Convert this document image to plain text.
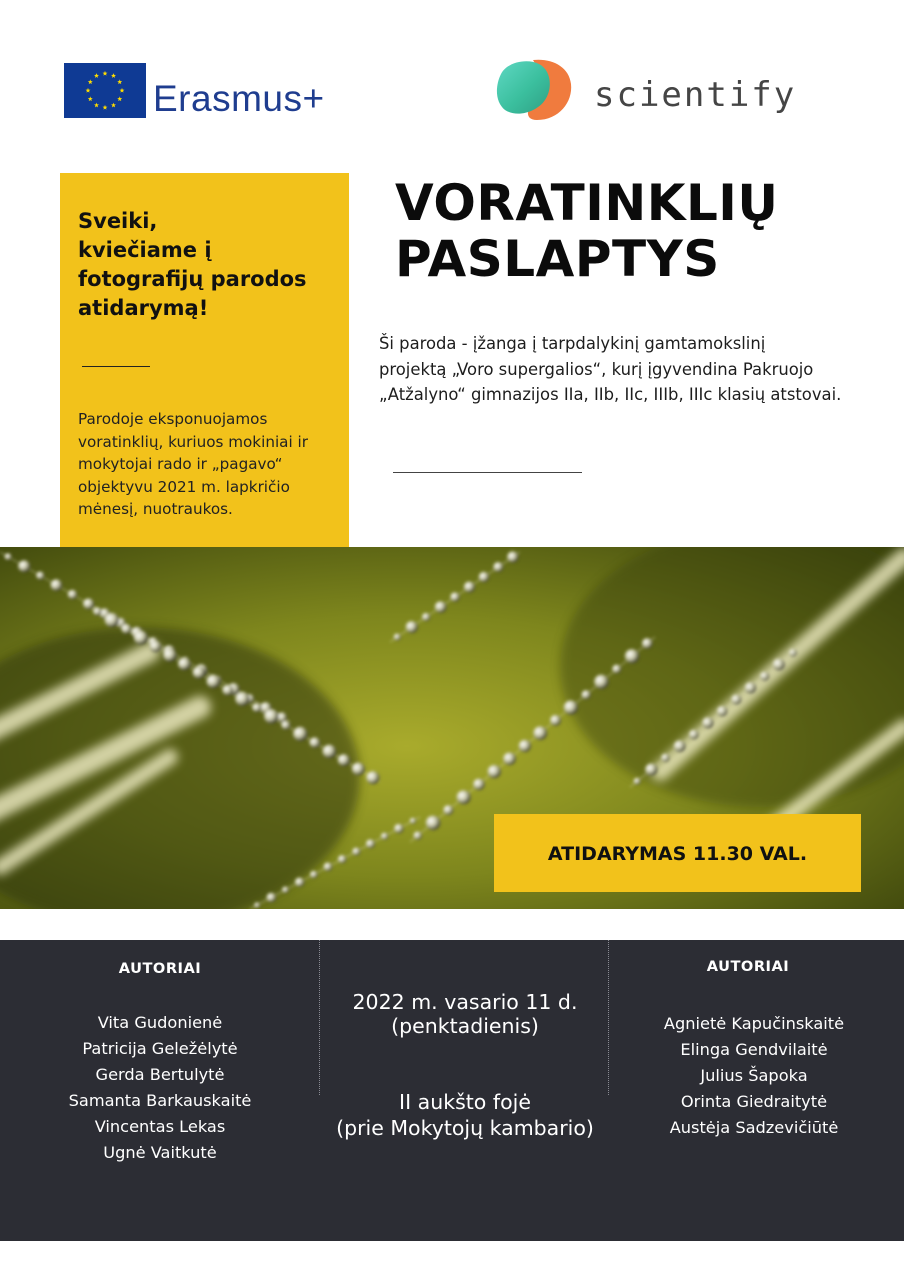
Erasmus+	scientify

Sveiki,
kviečiame į
fotografijų parodos
atidarymą!

Parodoje eksponuojamos
voratinklių, kuriuos mokiniai ir
mokytojai rado ir „pagavo“
objektyvu 2021 m. lapkričio
mėnesį, nuotraukos.

VORATINKLIŲ
PASLAPTYS

Ši paroda - įžanga į tarpdalykinį gamtamokslinį
projektą „Voro supergalios“, kurį įgyvendina Pakruojo
„Atžalyno“ gimnazijos IIa, IIb, IIc, IIIb, IIIc klasių atstovai.

ATIDARYMAS 11.30 VAL.
AUTORIAI
Vita Gudonienė
Patricija Geležėlytė
Gerda Bertulytė
Samanta Barkauskaitė
Vincentas Lekas
Ugnė Vaitkutė
2022 m. vasario 11 d.
(penktadienis)
II aukšto fojė
(prie Mokytojų kambario)
AUTORIAI
Agnietė Kapučinskaitė
Elinga Gendvilaitė
Julius Šapoka
Orinta Giedraitytė
Austėja Sadzevičiūtė
